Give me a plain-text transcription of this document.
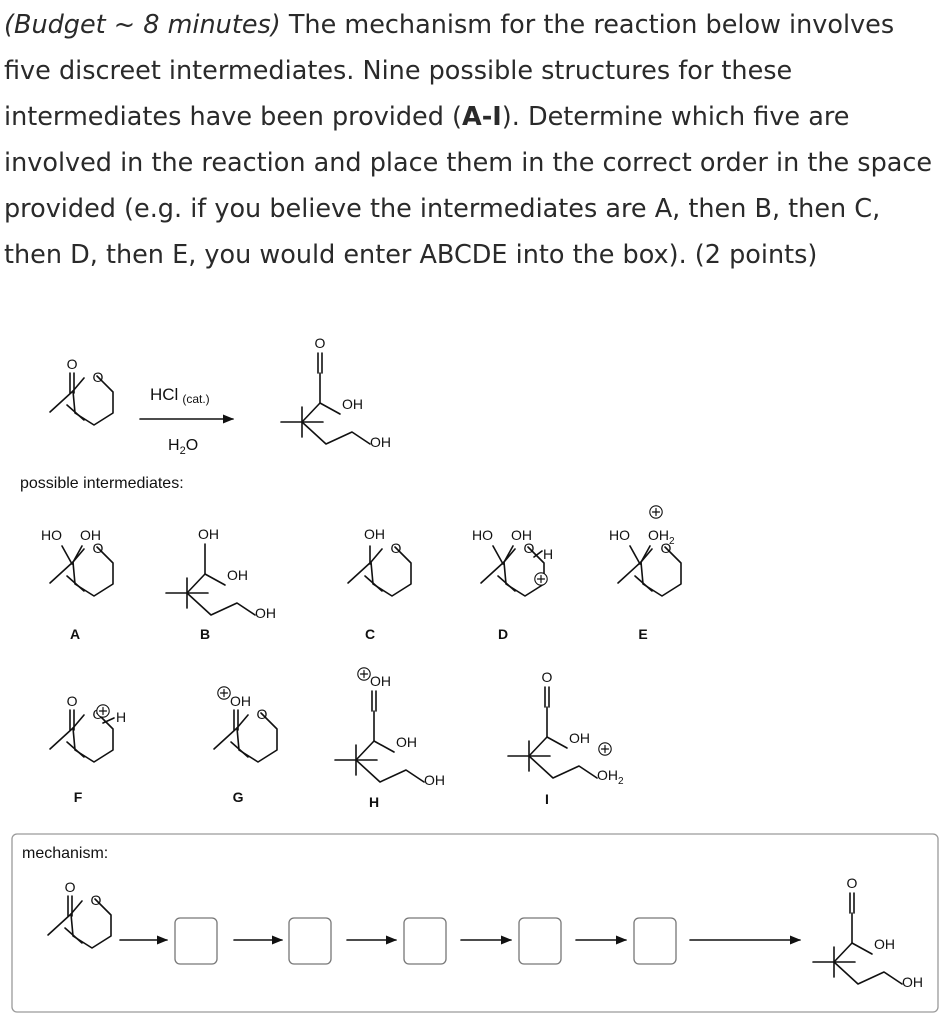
(Budget ~ 8 minutes) The mechanism for the reaction below involves five discreet intermediates. Nine possible structures for these intermediates have been provided (A-I). Determine which five are involved in the reaction and place them in the correct order in the space provided (e.g. if you believe the intermediates are A, then B, then C, then D, then E, you would enter ABCDE into the box). (2 points)

O
HCl (cat.)
$H_2O$
O
OH
OH
possible intermediates:
HO OH
A
OH
OH
OH
B
OH
C
HO OH
H
D
HO $OH_2$
E
O
H
F
OH
G
OH
OH
OH
H
O
OH
$OH_2$
I
mechanism:
O	O
OH
OH
